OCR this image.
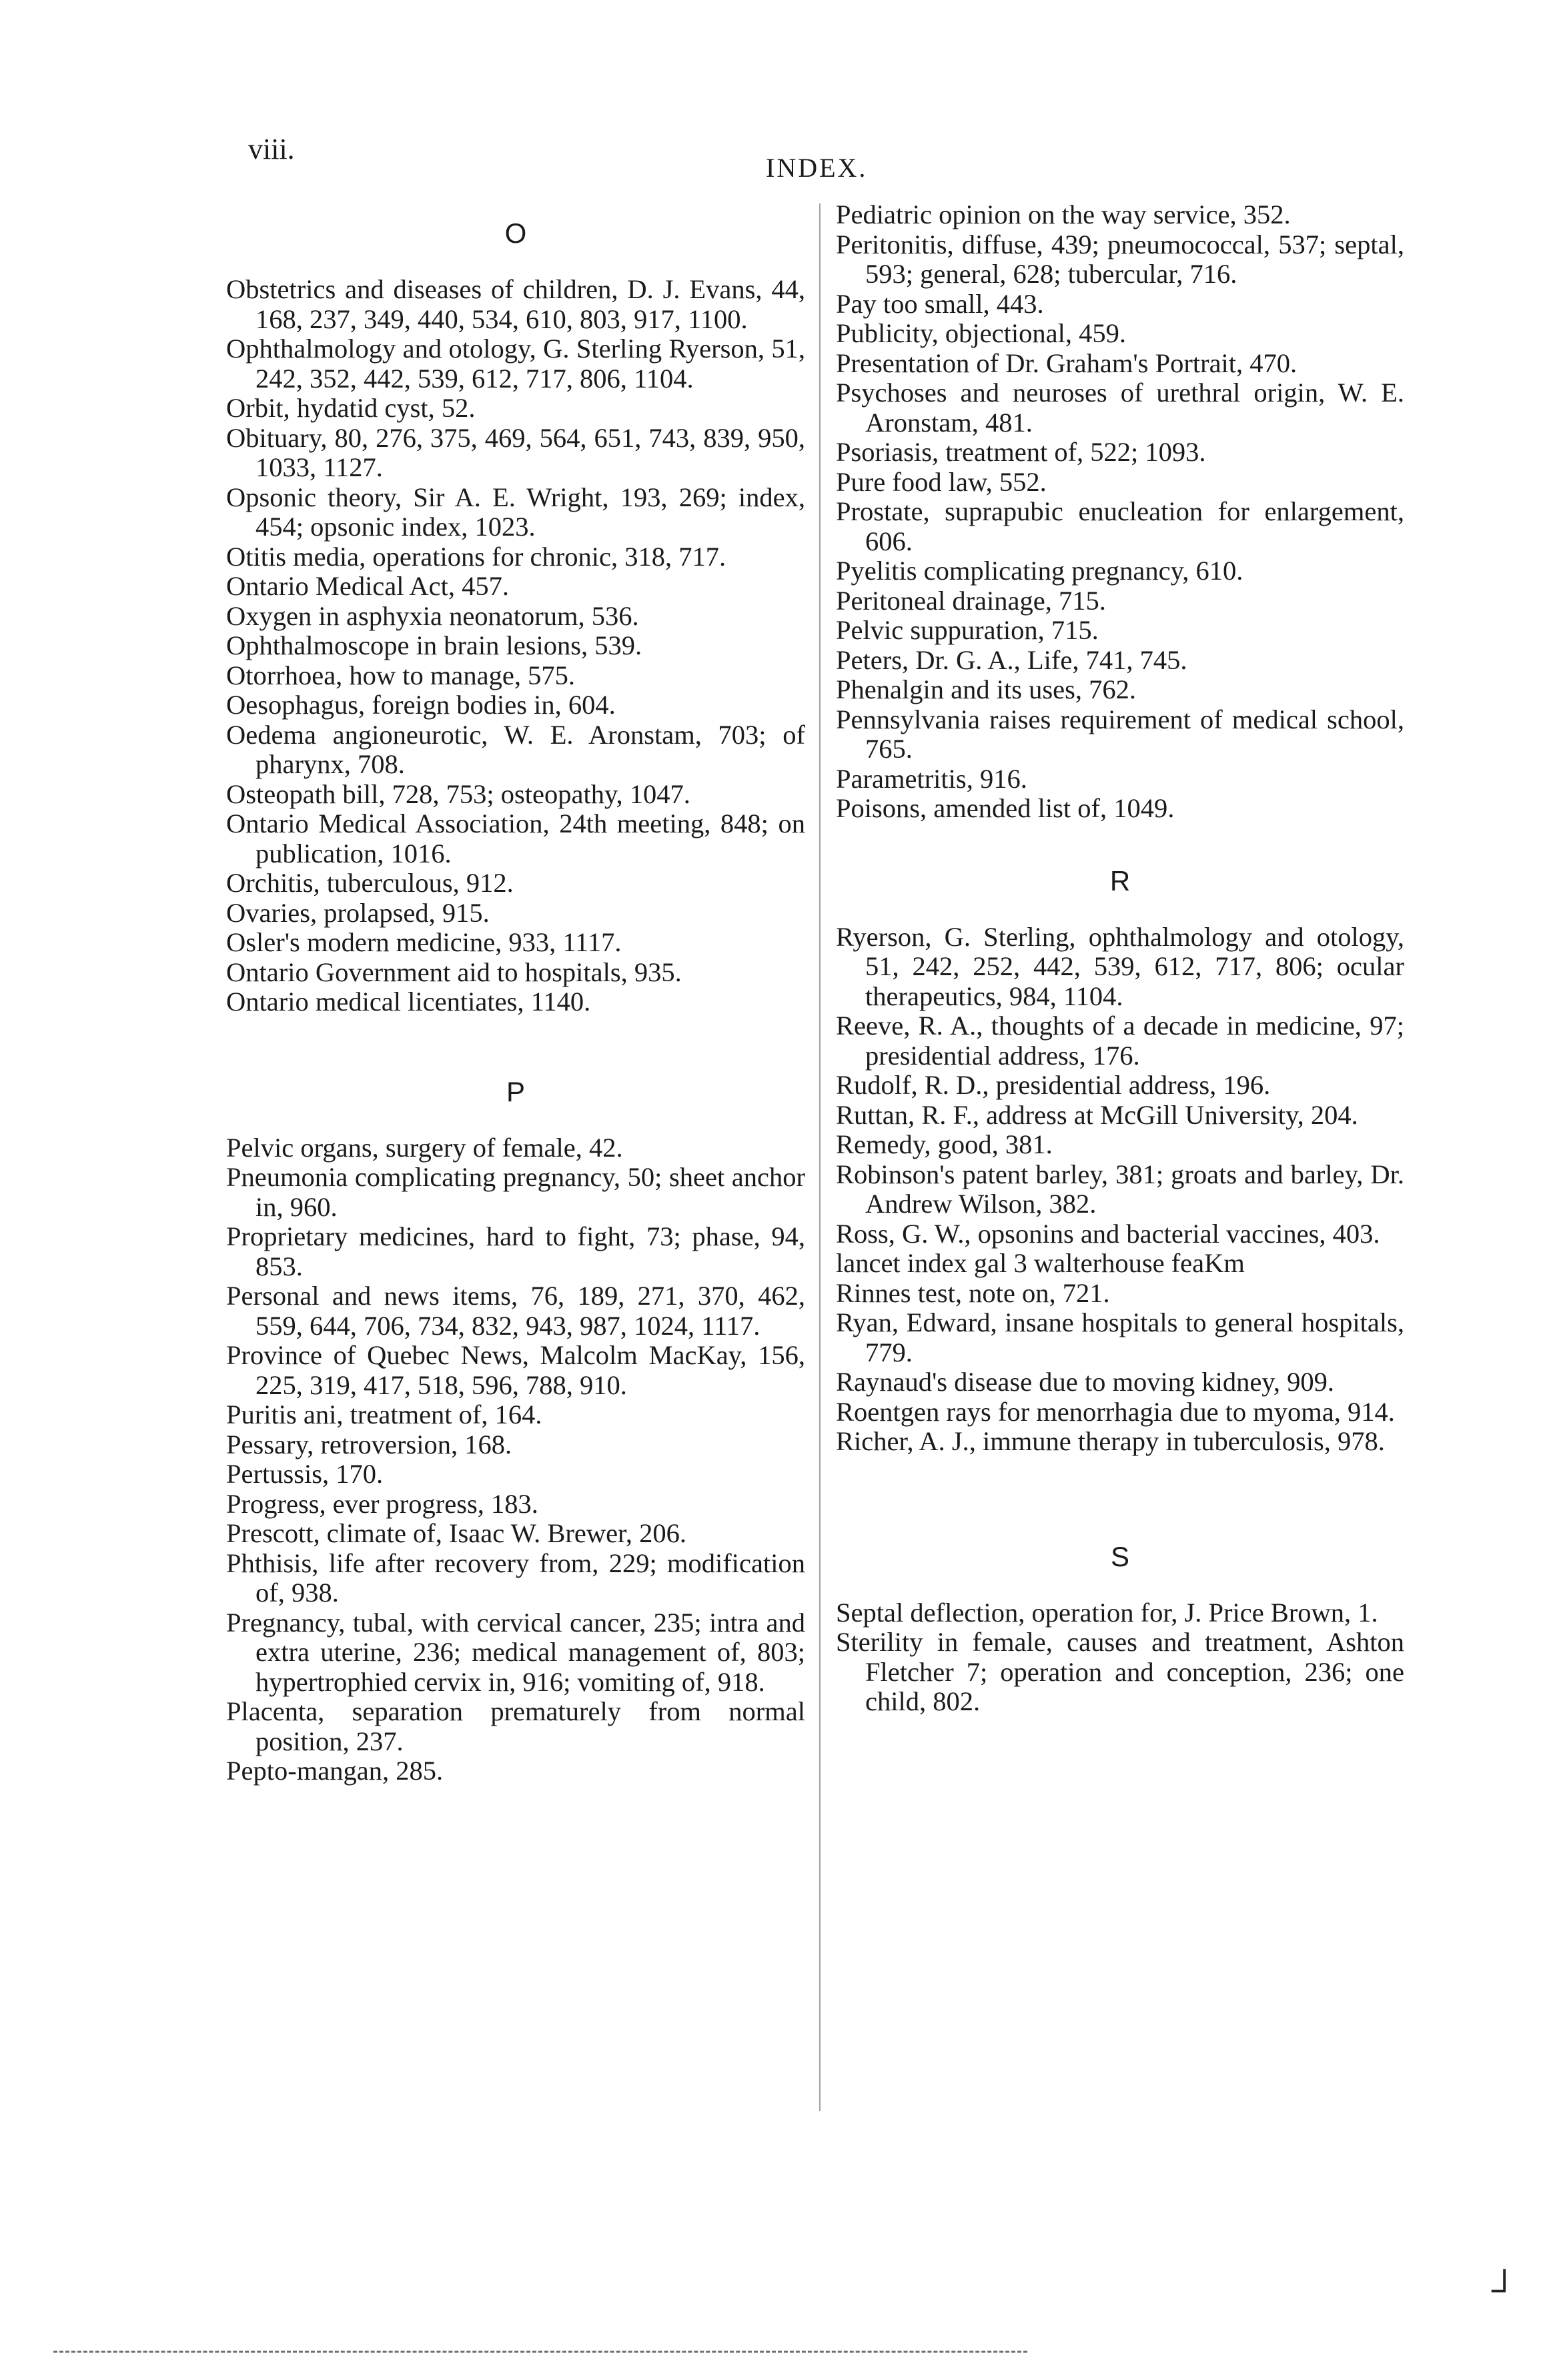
viii.
INDEX.
O
Obstetrics and diseases of children, D. J. Evans, 44, 168, 237, 349, 440, 534, 610, 803, 917, 1100.
Ophthalmology and otology, G. Sterling Ryerson, 51, 242, 352, 442, 539, 612, 717, 806, 1104.
Orbit, hydatid cyst, 52.
Obituary, 80, 276, 375, 469, 564, 651, 743, 839, 950, 1033, 1127.
Opsonic theory, Sir A. E. Wright, 193, 269; index, 454; opsonic index, 1023.
Otitis media, operations for chronic, 318, 717.
Ontario Medical Act, 457.
Oxygen in asphyxia neonatorum, 536.
Ophthalmoscope in brain lesions, 539.
Otorrhoea, how to manage, 575.
Oesophagus, foreign bodies in, 604.
Oedema angioneurotic, W. E. Aronstam, 703; of pharynx, 708.
Osteopath bill, 728, 753; osteopathy, 1047.
Ontario Medical Association, 24th meeting, 848; on publication, 1016.
Orchitis, tuberculous, 912.
Ovaries, prolapsed, 915.
Osler's modern medicine, 933, 1117.
Ontario Government aid to hospitals, 935.
Ontario medical licentiates, 1140.
P
Pelvic organs, surgery of female, 42.
Pneumonia complicating pregnancy, 50; sheet anchor in, 960.
Proprietary medicines, hard to fight, 73; phase, 94, 853.
Personal and news items, 76, 189, 271, 370, 462, 559, 644, 706, 734, 832, 943, 987, 1024, 1117.
Province of Quebec News, Malcolm MacKay, 156, 225, 319, 417, 518, 596, 788, 910.
Puritis ani, treatment of, 164.
Pessary, retroversion, 168.
Pertussis, 170.
Progress, ever progress, 183.
Prescott, climate of, Isaac W. Brewer, 206.
Phthisis, life after recovery from, 229; modification of, 938.
Pregnancy, tubal, with cervical cancer, 235; intra and extra uterine, 236; medical management of, 803; hypertrophied cervix in, 916; vomiting of, 918.
Placenta, separation prematurely from normal position, 237.
Pepto-mangan, 285.
Pediatric opinion on the way service, 352.
Peritonitis, diffuse, 439; pneumococcal, 537; septal, 593; general, 628; tubercular, 716.
Pay too small, 443.
Publicity, objectional, 459.
Presentation of Dr. Graham's Portrait, 470.
Psychoses and neuroses of urethral origin, W. E. Aronstam, 481.
Psoriasis, treatment of, 522; 1093.
Pure food law, 552.
Prostate, suprapubic enucleation for enlargement, 606.
Pyelitis complicating pregnancy, 610.
Peritoneal drainage, 715.
Pelvic suppuration, 715.
Peters, Dr. G. A., Life, 741, 745.
Phenalgin and its uses, 762.
Pennsylvania raises requirement of medical school, 765.
Parametritis, 916.
Poisons, amended list of, 1049.
R
Ryerson, G. Sterling, ophthalmology and otology, 51, 242, 252, 442, 539, 612, 717, 806; ocular therapeutics, 984, 1104.
Reeve, R. A., thoughts of a decade in medicine, 97; presidential address, 176.
Rudolf, R. D., presidential address, 196.
Ruttan, R. F., address at McGill University, 204.
Remedy, good, 381.
Robinson's patent barley, 381; groats and barley, Dr. Andrew Wilson, 382.
Ross, G. W., opsonins and bacterial vaccines, 403.
lancet index gal 3 walterhouse feaKm
Rinnes test, note on, 721.
Ryan, Edward, insane hospitals to general hospitals, 779.
Raynaud's disease due to moving kidney, 909.
Roentgen rays for menorrhagia due to myoma, 914.
Richer, A. J., immune therapy in tuberculosis, 978.
S
Septal deflection, operation for, J. Price Brown, 1.
Sterility in female, causes and treatment, Ashton Fletcher 7; operation and conception, 236; one child, 802.
┘
